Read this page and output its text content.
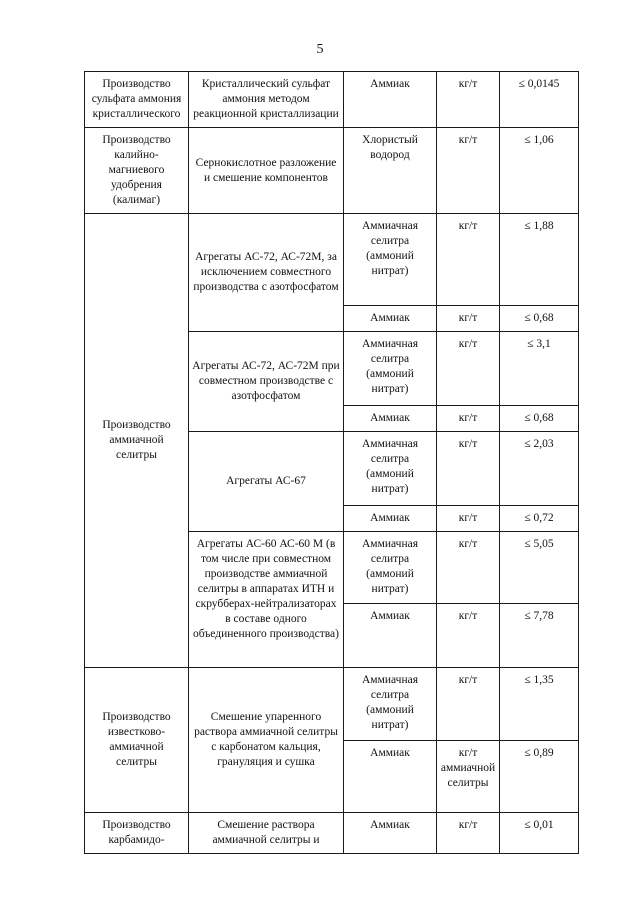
5
Производство сульфата аммония кристаллического	Кристаллический сульфат аммония методом реакционной кристаллизации	Аммиак	кг/т	≤ 0,0145
Производство калийно-магниевого удобрения (калимаг)	Сернокислотное разложение и смешение компонентов	Хлористый водород	кг/т	≤ 1,06
Производство аммиачной селитры	Агрегаты АС-72, АС-72М, за исключением совместного производства с азотфосфатом	Аммиачная селитра (аммоний нитрат)	кг/т	≤ 1,88
		Аммиак	кг/т	≤ 0,68
	Агрегаты АС-72, АС-72М при совместном производстве с азотфосфатом	Аммиачная селитра (аммоний нитрат)	кг/т	≤ 3,1
		Аммиак	кг/т	≤ 0,68
	Агрегаты АС-67	Аммиачная селитра (аммоний нитрат)	кг/т	≤ 2,03
		Аммиак	кг/т	≤ 0,72
	Агрегаты АС-60 АС-60 М (в том числе при совместном производстве аммиачной селитры в аппаратах ИТН и скрубберах-нейтрализаторах в составе одного объединенного производства)	Аммиачная селитра (аммоний нитрат)	кг/т	≤ 5,05
		Аммиак	кг/т	≤ 7,78
Производство известково-аммиачной селитры	Смешение упаренного раствора аммиачной селитры с карбонатом кальция, грануляция и сушка	Аммиачная селитра (аммоний нитрат)	кг/т	≤ 1,35
		Аммиак	кг/т аммиачной селитры	≤ 0,89
Производство карбамидо-	Смешение раствора аммиачной селитры и	Аммиак	кг/т	≤ 0,01
